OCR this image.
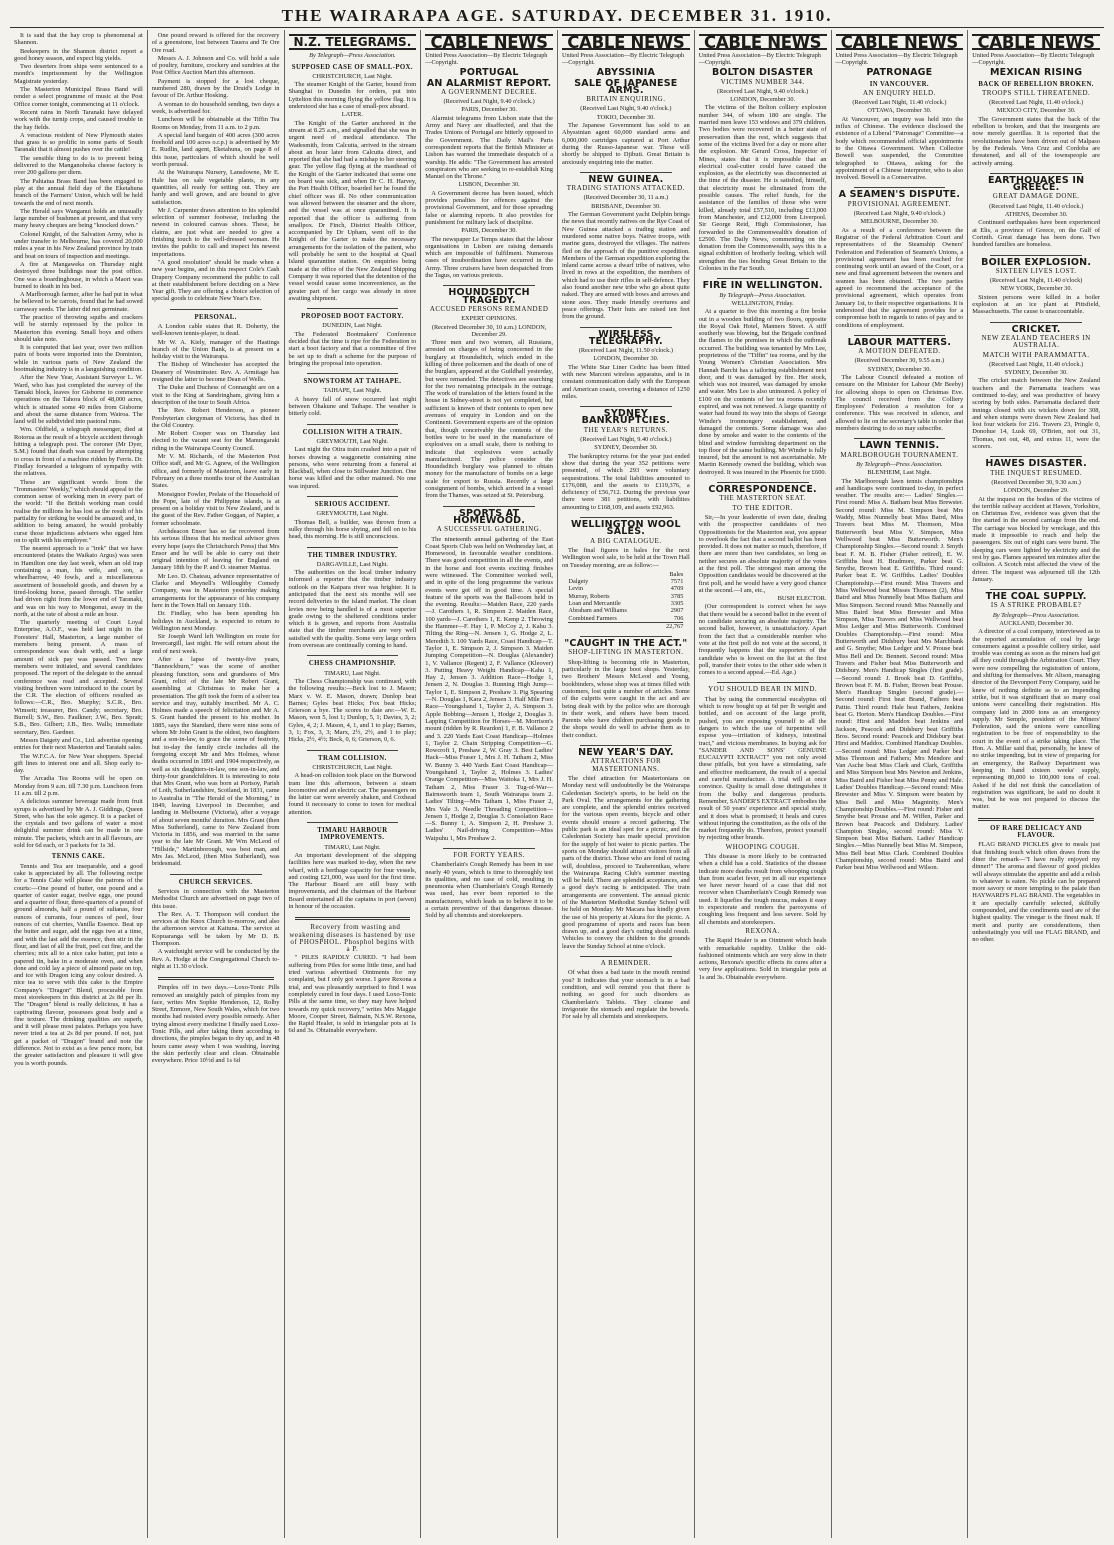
THE WAIRARAPA AGE. SATURDAY. DECEMBER 31. 1910.

It is said that the hay crop is phenomenal at Shannon.

Beekeepers in the Shannon district report a good honey season, and expect big yields.

Two deserters from ships were sentenced to a month's imprisonment by the Wellington Magistrate yesterday.

The Masterton Municipal Brass Band will render a select programme of music at the Post Office corner tonight, commencing at 11 o'clock.

Recent rains in North Taranaki have delayed work with the turnip crops, and caused trouble in the hay fields.

A veracious resident of New Plymouth states that grass is so prolific in some parts of South Taranaki that it almost pushes over the cattle!

The sensible thing to do is to prevent being delivered to the Manganohoka cheese factory is over 200 gallons per diem.

The Pahiatua Brass Band has been engaged to play at the annual field day of the Eketahuna branch of the Farmers' Union, which will be held towards the end of next month.

The Herald says Wanganui holds an unusually large number of bushmen at present, and that very many heavy cheques are being "knocked down."

Colonel Knight, of the Salvation Army, who is under transfer to Melbourne, has covered 20,000 miles a year in his New Zealand province by train and boat on tours of inspection and meetings.

A fire at Mangaweka on Thursday night destroyed three buildings near the post office. One was a boardinghouse, in which a Maori was burned to death in his bed.

A Marlborough farmer, after he had put in what he believed to be carrots, found that he had sowed carraway seeds. The latter did not germinate.

The practice of throwing squibs and crackers will be sternly repressed by the police in Masterton this evening. Small boys and others should take note.

It is computed that last year, over two million pairs of boots were imported into the Dominion, while in various parts of New Zealand the bootmaking industry is in a languishing condition.

After the New Year, Assistant Surveyor L. W. Ward, who has just completed the survey of the Tamaki block, leaves for Gisborne to commence operations on the Tahora block of 48,000 acres, which is situated some 40 miles from Gisborne and about the same distance from Wairoa. The land will be subdivided into pastoral runs.

Wm. Oldfield, a telegraph messenger, died at Rotorua as the result of a bicycle accident through hitting a telegraph post. The coroner (Mr Dyer, S.M.) found that death was caused by attempting to cross in front of a machine ridden by Ferris. Dr. Findlay forwarded a telegram of sympathy with the relatives.

These are significant words from the "Ironmasters' Weekly," which should appeal to the common sense of working men in every part of the world: "If the British working man could realise the millions he has lost as the result of his partiality for striking he would be amazed; and, in addition to being amazed, he would probably curse those injudicious advisers who egged him on to split with his employer."

The nearest approach to a "trek" that we have encountered (states the Waikato Argus) was seen in Hamilton one day last week, when an old trap containing a man, his wife, and son, a wheelbarrow, 40 fowls, and a miscellaneous assortment of household goods, and drawn by a tired-looking horse, passed through. The settler had driven right from the lower end of Taranaki, and was on his way to Mongonui, away in the north, at the rate of about a mile an hour.

The quarterly meeting of Court Loyal Enterprise, A.O.F., was held last night in the Foresters' Hall, Masterton, a large number of members being present. A mass of correspondence was dealt with, and a large amount of sick pay was passed. Two new members were initiated, and several candidates proposed. The report of the delegate to the annual conference was read and accepted. Several visiting brethren were introduced to the court by the C.R. The election of officers resulted as follows:—C.R., Bro. Murphy; S.C.R., Bro. Wimsett; treasurer, Bro. Candy; secretary, Bro. Burrell; S.W., Bro. Faulkner; J.W., Bro. Spratt; S.B., Bro. Gilbert; J.B., Bro. Walls; immediate secretary, Bro. Gardner.

Messrs Daigety and Co., Ltd. advertise opening entries for their next Masterton and Taratahi sales.

The W.F.C.A. for New Year shoppers. Special gift lines to interest one and all. Shop early to-day.

The Arcadia Tea Rooms will be open on Monday from 9 a.m. till 7.30 p.m. Luncheon from 11 a.m. till 2 p.m.

A delicious summer beverage made from fruit syrups is advertised by Mr A. J. Giddings, Queen Street, who has the sole agency. It is a packet of the crystals and two gallons of water a most delightful summer drink can be made in one minute. The packets, which are in all flavours, are sold for 6d each, or 3 packets for 1s 3d.

TENNIS CAKE.

Tennis and Tea are inseparable, and a good cake is appreciated by all. The following recipe for a Tennis Cake will please the patrons of the courts:—One pound of butter, one pound and a quarter of caster sugar, twelve eggs, one pound and a quarter of flour, three-quarters of a pound of ground almonds, half a pound of sultanas, four ounces of currants, four ounces of peel, four ounces of cut cherries, Vanilla Essence. Beat up the butter and sugar, add the eggs two at a time, and with the last add the essence, then stir in the flour, and last of all the fruit, peel cut fine, and the cherries; mix all to a nice cake batter, put into a papered tin, bake in a moderate oven, and when done and cold lay a piece of almond paste on top, and ice with Dragon icing any colour desired. A nice tea to serve with this cake is the Empire Company's "Dragon" Blend, procurable from most storekeepers in this district at 2s 8d per lb. The "Dragon" blend is really delicious, it has a captivating flavour, possesses great body and a fine texture. The drinking qualities are superb, and it will please most palates. Perhaps you have never tried a tea at 2s 8d per pound. If not, just get a packet of "Dragon" brand and note the difference. Not to exist as a few pence more, but the greater satisfaction and pleasure it will give you is worth pounds.

One pound reward is offered for the recovery of a greenstone, lost between Tauera and Te Ore Ore road.

Messrs A. J. Johnson and Co. will hold a sale of poultry, furniture, crockery and sundries at the Post Office Auction Mart this afternoon.

Payment is stopped for a lost cheque, numbered 280, drawn by the Druid's Lodge in favour of Dr. Arthur Hosking.

A woman to do household sending, two days a week, is advertised for.

Luncheon will be obtainable at the Tiffin Tea Rooms on Monday, from 11 a.m. to 2 p.m.

A special land bargain of 400 acres (300 acres freehold and 100 acres o.r.p.) is advertised by Mr E. Rudlin, land agent, Eketahuna, on page 8 of this issue, particulars of which should be well worth perusal.

At the Wairarapa Nursery, Lansdowne, Mr E. Hale has on sale vegetable plants, in any quantities, all ready for setting out. They are hardy and well grown, and are bound to give satisfaction.

Mr J. Carpenter draws attention to his splendid selection of summer footwear, including the newest in coloured canvas shoes. These, he claims, are just what are needed to give a finishing touch to the well-dressed woman. He invites the public to call and inspect his newest importations.

"A good resolution" should be made when a new year begins, and in this respect Cole's Cash Drapery Company recommend the public to call at their establishment before deciding on a New Year gift. They are offering a choice selection of special goods to celebrate New Year's Eve.

PERSONAL.

A London cable states that R. Doherty, the well-known tennis-player, is dead.

Mr W. A. Kiely, manager of the Hastings branch of the Union Bank, is at present on a holiday visit to the Wairarapa.

The Bishop of Winchester has accepted the Deanery of Westminster. Rev. A. Armitage has resigned the latter to become Dean of Wells.

The Duke and Duchess of Connaught are on a visit to the King at Sandringham, giving him a description of the tour to South Africa.

The Rev. Robert Henderson, a pioneer Presbyterian clergyman of Victoria, has died in the Old Country.

Mr Robert Cooper was on Thursday last elected to the vacant seat for the Manungaraki riding in the Wairarapa County Council.

Mr V. M. Richards, of the Masterton Post Office staff, and Mr G. Agnew, of the Wellington office, and formerly of Masterton, leave early in February on a three months tour of the Australian States.

Monsignor Fowler, Prelate of the Household of the Pope, late of the Philippine islands, is at present on a holiday visit to New Zealand, and is the guest of the Rev. Father Goggan, of Napier, a former schoolmate.

Archdeacon Ensor has so far recovered from his serious illness that his medical advisor gives every hope (says the Christchurch Press) that Mrs Ensor and he will be able to carry out their original intention of leaving for England on January 18th by the P. and O. steamer Mantua.

Mr Leo. D. Chateau, advance representative of Clarke and Meynell's Willoughby Comedy Company, was in Masterton yesterday making arrangements for the appearance of his company here in the Town Hall on January 11th.

Dr. Findlay, who has been spending his holidays in Auckland, is expected to return to Wellington next Monday.

Sir Joseph Ward left Wellington en route for Invercargill, last night. He will return about the end of next week.

After a lapse of twenty-five years, "Bannockburn," was the scene of another pleasing function, sons and grandsons of Mrs Grant, relict of the late Mr Robert Grant, assembling at Christmas to make her a presentation. The gift took the form of a silver tea service and tray, suitably inscribed. Mr A. C. Holmes made a speech of felicitation and Mr A. S. Grant handed the present to his mother. In 1885, says the Standard, there were nine sons of whom Mr John Grant is the oldest, two daughters and a son-in-law, to grace the scene of festivity, but to-day the family circle includes all the foregoing except Mr and Mrs Holmes, whose deaths occurred in 1891 and 1904 respectively, as well as six daughters-in-law, one son-in-law, and thirty-four grandchildren. It is interesting to note that Mrs Grant, who was born at Portsoy, Parish of Loth, Sutherlandshire, Scotland, in 1831, came to Australia in "The Herald of the Morning," in 1849, leaving Liverpool in December, and landing in Melbourne (Victoria), after a voyage of about seven months' duration. Mrs Grant (then Miss Sutherland), came to New Zealand from Victoria in 1856, and was married in the same year to the late Mr Grant. Mr Wm McLeod of "Hillside," Martinborough, was best man, and Mrs Jas. McLeod, (then Miss Sutherland), was bridesmaid.

CHURCH SERVICES.

Services in connection with the Masterton Methodist Church are advertised on page two of this issue.

The Rev. A. T. Thompson will conduct the services at the Knox Church to-morrow, and also the afternoon service at Kaituna. The service at Kopuaranga will be taken by Mr D. B. Thompson.

A watchnight service will be conducted by the Rev. A. Hodge at the Congregational Church to-night at 11.30 o'clock.

Pimples off in two days.—Loxo-Tonic Pills removed an unsightly patch of pimples from my face, writes Mrs Sophie Henderson, 12, Rolby Street, Enmore, New South Wales, which for two months had resisted every possible remedy. After trying almost every medicine I finally used Loxo-Tonic Pills, and after taking them according to directions, the pimples began to dry up, and in 48 hours came away when I was washing, leaving the skin perfectly clear and clean. Obtainable everywhere. Price 10½d and 1s 6d

N.Z. TELEGRAMS.
By Telegraph—Press Association.
SUPPOSED CASE OF SMALL-POX.
CHRISTCHURCH, Last Night.

The steamer Knight of the Garter, bound from Shanghai to Dunedin for orders, put into Lyttelton this morning flying the yellow flag. It is understood she has a case of small-pox aboard.

LATER.

The Knight of the Garter anchored in the stream at 8.25 a.m., and signalled that she was in urgent need of medical attendance. The Wadesmith, from Calcutta, arrived in the stream about an hour later from Calcutta direct, and reported that she had had a mishap to her steering gear. The yellow flag flying at the masthead of the Knight of the Garter indicated that some one on board was sick, and when Dr C. H. Harvey, the Port Health Officer, boarded her he found the chief officer was ill. No other communication was allowed between the steamer and the shore, and the vessel was at once quarantined. It is reported that the officer is suffering from smallpox. Dr Finch, District Health Officer, accompanied by Dr Upham, went off to the Knight of the Garter to make the necessary arrangements for the isolation of the patient, who will probably be sent to the hospital at Quail Island quarantine station. On enquiries being made at the office of the New Zealand Shipping Company it was reported that the detention of the vessel would cause some inconvenience, as the greater part of her cargo was already in store awaiting shipment.

PROPOSED BOOT FACTORY.
DUNEDIN, Last Night.

The Federated Bootmakers' Conference decided that the time is ripe for the Federation to start a boot factory and that a committee of five be set up to draft a scheme for the purpose of bringing the proposal into operation.

SNOWSTORM AT TAIHAPE.
TAIHAPE, Last Night.

A heavy fall of snow occurred last night between Ohakune and Taihape. The weather is bitterly cold.

COLLISION WITH A TRAIN.
GREYMOUTH, Last Night.

Last night the Otira train crashed into a pair of horses drawing a waggonette containing nine persons, who were returning from a funeral at Blackball, when close to Stillwater Junction. One horse was killed and the other maimed. No one was injured.

SERIOUS ACCIDENT.
GREYMOUTH, Last Night.

Thomas Bell, a builder, was thrown from a sulky through his horse shying, and fell on to his head, this morning. He is still unconscious.

THE TIMBER INDUSTRY.
DARGAVILLE, Last Night.

The authorities on the local timber industry informed a reporter that the timber industry outlook on the Kaipara river was brighter. It is anticipated that the next six months will see record deliveries to the island market. The clean levies now being handled is of a most superior grade owing to the sheltered conditions under which it is grown, and reports from Australia state that the timber merchants are very well satisfied with the quality. Some very large orders from overseas are continually coming to hand.

CHESS CHAMPIONSHIP.
TIMARU, Last Night.

The Chess Championship was continued, with the following results:—Beck lost to J. Mason; Marx v. W. E. Mason, drawn; Dunlop beat Barnes; Gyles beat Hicks; Fox beat Hicks; Grierson a bye. The scores to date are:—W. E. Mason, won 5, lost 1; Dunlop, 5, 1; Davies, 3, 2; Gyles, 4, 2; J. Mason, 4, 1, and 1 to play; Barnes, 3, 1; Fox, 3, 3; Marx, 2½, 2½, and 1 to play; Hicks, 2½, 4½; Beck, 0, 6; Grierson, 0, 6.

TRAM COLLISION.
CHRISTCHURCH, Last Night.

A head-on collision took place on the Burwood tram line this afternoon, between a steam locomotive and an electric car. The passengers on the latter car were severely shaken, and Coxhead found it necessary to come to town for medical attention.

TIMARU HARBOUR IMPROVEMENTS.
TIMARU, Last Night.

An important development of the shipping facilities here was marked to-day, when the new wharf, with a berthage capacity for four vessels, and costing £21,000, was used for the first time. The Harbour Board are still busy with improvements, and the chairman of the Harbour Board entertained all the captains in port (seven) in honour of the occasion.

Recovery from wasting and weakening diseases is hastened by use of PHOSPHOL. Phosphol begins with a P.

" PILES RAPIDLY CURED. "I had been suffering from Piles for some little time, and had tried various advertised Ointments for my complaint, but I only got worse. I gave Rexona a trial, and was pleasantly surprised to find I was completely cured in four days. I used Loxo-Tonic Pills at the same time, so they may have helped towards my quick recovery," writes Mrs Maggie Moore, Cooper Street, Balmain, N.S.W. Rexona, the Rapid Healer, is sold in triangular pots at 1s 6d and 3s. Obtainable everywhere.

CABLE NEWS
United Press Association—By Electric Telegraph—Copyright.
PORTUGAL
AN ALARMIST REPORT.
A GOVERNMENT DECREE.
(Received Last Night, 9.40 o'clock.)
PARIS, December 30.

Alarmist telegrams from Lisbon state that the Army and Navy are disaffected, and that the Trades Unions of Portugal are bitterly opposed to the Government. The Daily Mail's Paris correspondent reports that the British Minister at Lisbon has warned the immediate despatch of a warship. He adds: "The Government has arrested conspirators who are seeking to re-establish King Manuel on the Throne."

LISBON, December 30.

A Government decree has been issued, which provides penalties for offences against the provisional Government, and for those spreading false or alarming reports. It also provides for punishment for military lack of discipline.

PARIS, December 30.

The newspaper Le Temps states that the labour organisations in Lisbon are raising demands which are impossible of fulfilment. Numerous cases of insubordination have occurred in the Army. Three cruisers have been despatched from the Tagus, on various pretexts.

HOUNDSDITCH TRAGEDY.
ACCUSED PERSONS REMANDED
EXPERT OPINIONS.
(Received December 30, 10 a.m.) LONDON, December 29.

Three men and two women, all Russians, arrested on charges of being concerned in the burglary at Houndsditch, which ended in the killing of three policemen and the death of one of the burglars, appeared at the Guildhall yesterday, but were remanded. The detectives are searching for the two remaining principals in the outrage. The work of translation of the letters found in the house in Sidney-street is not yet completed, but sufficient is known of their contents to open new avenues of enquiry in London and on the Continent. Government experts are of the opinion that, though conceivably the contents of the bottles were to be used in the manufacture of explosives on a small scale, there is nothing to indicate that explosives were actually manufactured. The police consider the Houndsditch burglary was planned to obtain money for the manufacture of bombs on a large scale for export to Russia. Recently a large consignment of bombs, which arrived in a vessel from the Thames, was seized at St. Petersburg.

SPORTS AT HOMEWOOD.
A SUCCESSFUL GATHERING.

The nineteenth annual gathering of the East Coast Sports Club was held on Wednesday last, at Homewood, in favourable weather conditions. There was good competition in all the events, and in the horse and foot events exciting finishes were witnessed. The Committee worked well, and in spite of the long programme the various events were got off in good time. A special feature of the sports was the Ball-room held in the evening. Results:—Maiden Race, 220 yards—J. Carothers 1, R. Simpson 2. Maiden Race, 100 yards—J. Carothers 1, E. Kemp 2. Throwing the Hammer—F. Hay 1, P. McCoy 2, J. Kahu 3. Tilting the Ring—N. Jensen 1, G. Hodge 2, L. Meredith 3. 100 Yards Race, Coast Handicap—T. Taylor 1, E. Simpson 2, J. Simpson 3. Maiden Jumping Competition—N. Douglas (Alexander) 1, V. Vallance (Regent) 2, F. Vallance (Kleover) 3. Putting Heavy Weight Handicap—Kahu 1, Hay 2, Jensen 3. Addition Race—Hodge 1, Jensen 2, N. Douglas 3. Running High Jump—Taylor 1, E. Simpson 2, Preshaw 3. Pig Spearing—N. Douglas 1, Kara 2, Jensen 3. Half Mile Foot Race—Youngshand 1, Taylor 2, A. Simpson 3. Apple Bobbing—Jensen 1, Hodge 2, Douglas 3. Lapping Competition for Horses—M. Morrison's mount (ridden by R. Reardon) 1, F. B. Vallance 2 and 3. 220 Yards East Coast Handicap—Holmes 1, Taylor 2. Chain Stripping Competition—G. Rowcroft 1, Preshaw 2, W. Gray 3. Best Ladies' Hack—Miss Fraser 1, Mrs J. H. Tatham 2, Miss W. Bunny 3. 440 Yards East Coast Handicap—Youngshand 1, Taylor 2, Holmes 3. Ladies' Orange Competition—Miss Waitoka 1, Mrs J. H. Tatham 2, Miss Fraser 3. Tug-of-War—Bairnsworth team 1, South Wairarapa team 2. Ladies' Tilting—Mrs Tatham 1, Miss Fraser 2, Mrs Vale 3. Needle Threading Competition—Jensen 1, Hodge 2, Douglas 3. Consolation Race—S. Bunny 1, A. Simpson 2, H. Preshaw 3. Ladies' Nail-driving Competition—Miss Waipuhu 1, Mrs Preshaw 2.

FOR FORTY YEARS.

Chamberlain's Cough Remedy has been in use nearly 40 years, which is time to thoroughly test its qualities, and no case of cold, resulting in pneumonia when Chamberlain's Cough Remedy was used, has ever been reported to the manufacturers, which leads us to believe it to be a certain preventive of that dangerous disease. Sold by all chemists and storekeepers.

CABLE NEWS
United Press Association—By Electric Telegraph—Copyright.
ABYSSINIA
SALE OF JAPANESE ARMS.
BRITAIN ENQUIRING.
(Received Last Night, 9.40 o'clock.)
TOKIO, December 30.

The Japanese Government has sold to an Abyssinian agent 60,000 standard arms and 6,000,000 cartridges captured at Port Arthur during the Russo-Japanese war. These will shortly be shipped to Djibuti. Great Britain is anxiously enquiring into the matter.

NEW GUINEA.
TRADING STATIONS ATTACKED.
(Received December 30, 11 a.m.)
BRISBANE, December 30.

The German Government yacht Delphin brings the news that recently natives on the Rye Coast of New Guinea attacked a trading station and murdered some native boys. Native troops, with marine guns, destroyed the villages. The natives fled on the approach of the punitive expedition. Members of the German expedition exploring the inland came across a dwarf tribe of natives, who lived in rows at the expedition, the members of which had to use their rifles in self-defence. They also found another new tribe who go about quite naked. They are armed with bows and arrows and stone axes. They made friendly overtures and peace offerings. Their huts are raised ten feet from the ground.

WIRELESS TELEGRAPHY.
(Received Last Night, 11.50 o'clock.)
LONDON, December 30.

The White Star Liner Cedric has been fitted with new Marconi wireless apparatus, and is in constant communication daily with the European and American coasts, covering a distance of 1250 miles.

SYDNEY BANKRUPTCIES.
THE YEAR'S RETURNS.
(Received Last Night, 9.40 o'clock.)
SYDNEY, December 30.

The bankruptcy returns for the year just ended show that during the year 352 petitions were presented, of which 293 were voluntary sequestrations. The total liabilities amounted to £176,088, and the assets to £119,376, a deficiency of £56,712. During the previous year there were 381 petitions, with liabilities amounting to £168,109, and assets £92,963.

WELLINGTON WOOL SALES.
A BIG CATALOGUE.

The final figures in bales for the next Wellington wool sale, to be held at the Town Hall on Tuesday morning, are as follow:—

	Bales
Dalgety	7571
Levin	4709
Murray, Roberts	3785
Loan and Mercantile	3305
Abraham and Williams	2907
Combined Farmers	706
	22,767
"CAUGHT IN THE ACT."
SHOP-LIFTING IN MASTERTON.

Shop-lifting is becoming rife in Masterton, particularly in the large boot shops. Yesterday, two Brothers' Messrs McLeod and Young, bookbinders, whose shop was at times filled with customers, lost quite a number of articles. Some of the culprits were caught in the act and are being dealt with by the police who are thorough in their work, and others have been traced. Parents who have children purchasing goods in the shops would do well to advise them as to their conduct.

NEW YEAR'S DAY.
ATTRACTIONS FOR MASTERTONIANS.

The chief attraction for Mastertonians on Monday next will undoubtedly be the Wairarapa Caledonian Society's sports, to be held on the Park Oval. The arrangements for the gathering are complete, and the splendid entries received for the various open events, bicycle and other events should ensure a record gathering. The public park is an ideal spot for a picnic, and the Caledonian Society has made special provision for the supply of hot water to picnic parties. The sports on Monday should attract visitors from all parts of the district. Those who are fond of racing will, doubtless, proceed to Tauherenikau, where the Wairarapa Racing Club's summer meeting will be held. There are splendid acceptances, and a good day's racing is anticipated. The train arrangements are convenient. The annual picnic of the Masterton Methodist Sunday School will be held on Monday. Mr Macara has kindly given the use of his property at Akura for the picnic. A good programme of sports and races has been drawn up, and a good day's outing should result. Vehicles to convey the children to the grounds leave the Sunday School at nine o'clock.

A REMINDER.

Of what does a bad taste in the mouth remind you? It indicates that your stomach is in a bad condition, and will remind you that there is nothing so good for such disorders as Chamberlain's Tablets. They cleanse and invigorate the stomach and regulate the bowels. For sale by all chemists and storekeepers.

CABLE NEWS
United Press Association—By Electric Telegraph—Copyright.
BOLTON DISASTER
VICTIMS NUMBER 344.
(Received Last Night, 9.40 o'clock.)
LONDON, December 30.

The victims of the Bolton colliery explosion number 344, of whom 180 are single. The married men leave 153 widows and 379 children. Two bodies were recovered in a better state of preservation than the rest, which suggests that some of the victims lived for a day or more after the explosion. Mr Gerard Cross, Inspector of Mines, states that it is impossible that an electrical coal-cutter could have caused the explosion, as the electricity was disconnected at the time of the disaster. He is satisfied, himself, that electricity must be eliminated from the possible causes. The relief funds, for the assistance of the families of those who were killed, already total £57,510, including £13,000 from Manchester, and £12,000 from Liverpool. Sir George Reid, High Commissioner, has forwarded to the Commonwealth's donation of £2500. The Daily News, commenting on the donation from the Commonwealth, says this is a signal exhibition of brotherly feeling, which will strengthen the ties binding Great Britain to the Colonies in the Far South.

FIRE IN WELLINGTON.
By Telegraph—Press Association.
WELLINGTON, Friday.

At a quarter to five this morning a fire broke out in a wooden building of two floors, opposite the Royal Oak Hotel, Manners Street. A stiff southerly was blowing, but the Brigade confined the flames to the premises in which the outbreak occurred. The building was tenanted by Mrs Lee, proprietress of the "Tiffin" tea rooms, and by the Young Women's Christian Association. Mrs Hannah Barchi has a tailoring establishment next door, and it was damaged by fire. Her stock, which was not insured, was damaged by smoke and water. Mrs Lee is also uninsured. A policy of £100 on the contents of her tea rooms recently expired, and was not renewed. A large quantity of water had found its way into the shops of George Winder's ironmongery establishment, and damaged the contents. Some damage was also done by smoke and water to the contents of the blind and window furnishing department on the top floor of the same building. Mr Winder is fully insured, but the amount is not ascertainable. Mr Martin Kennedy owned the building, which was destroyed. It was insured in the Phoenix for £600.

CORRESPONDENCE.
THE MASTERTON SEAT.
TO THE EDITOR.

Sir,—In your leaderette of even date, dealing with the prospective candidates of two Oppositionists for the Masterton seat, you appear to overlook the fact that a second ballot has been provided. It does not matter so much, therefore, if there are more than two candidates, so long as neither secures an absolute majority of the votes at the first poll. The strongest man among the Opposition candidates would be discovered at the first poll, and he would have a very good chance at the second.—I am, etc.,

BUSH ELECTOR.

(Our correspondent is correct when he says that there would be a second ballot in the event of no candidate securing an absolute majority. The second ballot, however, is unsatisfactory. Apart from the fact that a considerable number who vote at the first poll do not vote at the second, it frequently happens that the supporters of the candidate who is lowest on the list at the first poll, transfer their votes to the other side when it comes to a second appeal.—Ed. Age.)

YOU SHOULD BEAR IN MIND.

That by using the commercial eucalyptus oil which is now bought up at 6d per lb weight and bottled, and on account of the large profit, pushed, you are exposing yourself to all the dangers to which the use of turpentine will expose you—irritation of kidneys, intestinal tract," and vicious membranes. In buying ask for "SANDER AND SONS' GENUINE EUCALYPTI EXTRACT" you not only avoid these pitfalls, but you have a stimulating, safe and effective medicament, the result of a special and careful manufacture. A trial will at once convince. Quality is small dose distinguishes it from the bulky and dangerous products. Remember, SANDER'S EXTRACT embodies the result of 50 years' experience and special study, and it does what is promised; it heals and cures without injuring the constitution, as the oils of the market frequently do. Therefore, protect yourself by rejecting other brands.

WHOOPING COUGH.

This disease is more likely to be contracted when a child has a cold. Statistics of the disease indicate more deaths result from whooping cough than from scarlet fever, yet in all our experience we have never heard of a case that did not recover when Chamberlain's Cough Remedy was used. It liquefies the tough mucus, makes it easy to expectorate and renders the paroxysms of coughing less frequent and less severe. Sold by all chemists and storekeepers.

REXONA.

The Rapid Healer is an Ointment which heals with remarkable rapidity. Unlike the old-fashioned ointments which are very slow in their actions, Rexona's specific effects its cures after a very few applications. Sold in triangular pots at 1s and 3s. Obtainable everywhere.

CABLE NEWS
United Press Association—By Electric Telegraph—Copyright.
PATRONAGE
IN VANCOUVER.
AN ENQUIRY HELD.
(Received Last Night, 11.40 o'clock.)
OTTAWA, December 30.

At Vancouver, an inquiry was held into the influx of Chinese. The evidence disclosed the existence of a Liberal "Patronage" Committee—a body which recommended official appointments to the Ottawa Government. When Collector Bowell was suspended, the Committee telegraphed to Ottawa, asking for the appointment of a Chinese interpreter, who is also involved. Bowell is a Conservative.

A SEAMEN'S DISPUTE.
PROVISIONAL AGREEMENT.
(Received Last Night, 9.40 o'clock.)
MELBOURNE, December 30.

As a result of a conference between the Registrar of the Federal Arbitration Court and representatives of the Steamship Owners' Federation and Federation of Seamen's Unions, a provisional agreement has been reached for continuing work until an award of the Court, or a new and final agreement between the owners and seamen has been obtained. The two parties agreed to recommend the acceptance of the provisional agreement, which operates from January 1st, to their respective organisations. It is understood that the agreement provides for a compromise both in regards to rates of pay and to conditions of employment.

LABOUR MATTERS.
A MOTION DEFEATED.
(Received December 30, 9.55 a.m.)
SYDNEY, December 30.

The Labour Council defeated a motion of censure on the Minister for Labour (Mr Beeby) for allowing shops to open on Christmas Eve. The council received from the Colliery Employees' Federation a resolution for a conference. This was received in silence, and allowed to lie on the secretary's table in order that members desiring to do so may subscribe.

LAWN TENNIS.
MARLBOROUGH TOURNAMENT.
By Telegraph—Press Association.
BLENHEIM, Last Night.

The Marlborough lawn tennis championships and handicaps were continued to-day, in perfect weather. The results are:— Ladies' Singles.—First round: Miss A. Batham beat Miss Brewster. Second round: Miss M. Simpson beat Mrs Waddy, Miss Nunnelly beat Miss Baird, Miss Travers beat Miss M. Thomson, Miss Butterworth beat Miss V. Simpson, Miss Wellwood beat Miss Butterworth. Men's Championship Singles.—Second round: J. Smyth beat F. M. B. Fisher (Fisher retired), E. W. Griffiths beat H. Bradmore, Parker beat G. Smythe, Brown beat E. Griffiths. Third round: Parker beat E. W. Griffiths. Ladies' Doubles Championship.—First round: Miss Travers and Miss Wellwood beat Misses Thomson (2), Miss Baird and Miss Nunnelly beat Miss Batham and Miss Simpson. Second round: Miss Nunnelly and Miss Baird beat Miss Brewster and Miss Simpson, Miss Travers and Miss Wellwood beat Miss Ledger and Miss Butterworth. Combined Doubles Championship.—First round: Miss Butterworth and Didsbury beat Mrs Marchbank and G. Smythe; Miss Ledger and V. Prouse beat Miss Bell and Dr. Bennett. Second round: Miss Travers and Fisher beat Miss Butterworth and Didsbury. Men's Handicap Singles (first grade).—Second round: J. Brook beat D. Griffiths, Brown beat F. M. B. Fisher, Brown beat Prouse. Men's Handicap Singles (second grade).—Second round: First beat Brand, Fathers beat Pattie. Third round: Hale beat Fathers, Jenkins beat G. Horton. Men's Handicap Doubles.—First round: Hirst and Maddox beat Jenkins and Jackson, Peacock and Didsbury beat Griffiths Bros. Second round: Peacock and Didsbury beat Hirst and Maddox. Combined Handicap Doubles.—Second round: Miss Ledger and Parker beat Miss Thomson and Fathers; Mrs Mendore and Van Asche beat Miss Clark and Clark, Griffiths and Miss Simpson beat Mrs Newton and Jenkins, Miss Baird and Fisher beat Miss Penny and Hale. Ladies' Doubles Handicap.—Second round: Miss Brewster and Miss V. Simpson were beaten by Miss Bell and Miss Magninity. Men's Championship Doubles.—First round: Fisher and Smythe beat Prouse and M. Wiffen, Parker and Brown beat Peacock and Didsbury. Ladies' Champion Singles, second round: Miss V. Simpson beat Miss Batham. Ladies' Handicap Singles.—Miss Nunnelly beat Miss M. Simpson, Miss Bell beat Miss Clark. Combined Doubles Championship, second round: Miss Baird and Parker beat Miss Wellwood and Wilson.

CABLE NEWS
United Press Association—By Electric Telegraph—Copyright.
MEXICAN RISING
BACK OF REBELLION BROKEN.
TROOPS STILL THREATENED.
(Received Last Night, 11.40 o'clock.)
MEXICO CITY, December 30.

The Government states that the back of the rebellion is broken, and that the insurgents are now merely guerillas. It is reported that the revolutionaries have been driven out of Malpaso by the Federals. Vera Cruz and Cordoba are threatened, and all of the townspeople are actively arming.

EARTHQUAKES IN GREECE.
GREAT DAMAGE DONE.
(Received Last Night, 11.40 o'clock.)
ATHENS, December 30.

Continued earthquakes have been experienced at Elis, a province of Greece, on the Gulf of Corinth. Great damage has been done. Two hundred families are homeless.

BOILER EXPLOSION.
SIXTEEN LIVES LOST.
(Received Last Night, 11.40 o'clock)
NEW YORK, December 30.

Sixteen persons were killed in a boiler explosion at an ice plant at Pittsfield, Massachusetts. The cause is unaccountable.

CRICKET.
NEW ZEALAND TEACHERS IN AUSTRALIA.
MATCH WITH PARAMMATTA.
(Received Last Night, 11.40 o'clock.)
SYDNEY, December 30.

The cricket match between the New Zealand teachers and the Parramatta teachers was continued to-day, and was productive of heavy scoring by both sides. Parramatta declared their innings closed with six wickets down for 308, and when stumps were drawn New Zealand had lost four wickets for 216. Travers 23, Pringle 0, Donohue 14, Lusk 69, O'Brien, not out 31, Thomas, not out, 48, and extras 11, were the scorers.

HAWES DISASTER.
THE INQUEST RESUMED.
(Received December 30, 9.30 a.m.)
LONDON, December 29.

At the inquest on the bodies of the victims of the terrible railway accident at Hawes, Yorkshire, on Christmas Eve, evidence was given that the fire started in the second carriage from the end. The carriage was blocked by wreckage, and this made it impossible to reach and help the passengers. Six out of eight cars were burnt. The sleeping cars were lighted by electricity and the rest by gas. Flames appeared ten minutes after the collision. A Scotch mist affected the view of the driver. The inquest was adjourned till the 12th January.

THE COAL SUPPLY.
IS A STRIKE PROBABLE?
By Telegraph—Press Association.
AUCKLAND, December 30.

A director of a coal company, interviewed as to the reported accumulation of coal by large consumers against a possible colliery strike, said trouble was coming as soon as the miners had got all they could through the Arbitration Court. They were now compelling the registration of unions, and shifting for themselves. Mr Alison, managing director of the Devonport Ferry Company, said he knew of nothing definite as to an impending strike, but it was significant that so many coal unions were cancelling their registration. His company laid in 2000 tons as an emergency supply. Mr Semple, president of the Miners' Federation, said the unions were cancelling registration to be free of responsibility to the court in the event of a strike taking place. The Hon. A. Millar said that, personally, he knew of no strike impending, but in view of preparing for an emergency, the Railway Department was keeping in hand sixteen weeks' supply, representing 80,000 to 100,000 tons of coal. Asked if he did not think the cancellation of registration was significant, he said no doubt it was, but he was not prepared to discuss the matter.

OF RARE DELICACY AND FLAVOUR.

FLAG BRAND PICKLES give to meals just that finishing touch which often draws from the diner the remark—"I have really enjoyed my dinner!" The aroma and flavour of good pickles will always stimulate the appetite and add a relish to whatever is eaten. No pickle can be prepared more savory or more tempting to the palate than HAYWARD'S FLAG BRAND. The vegetables in it are specially carefully selected, skilfully compounded, and the condiments used are of the highest quality. The vinegar is the finest malt. If merit and purity are considerations, then unhesitatingly you will use FLAG BRAND, and no other.
